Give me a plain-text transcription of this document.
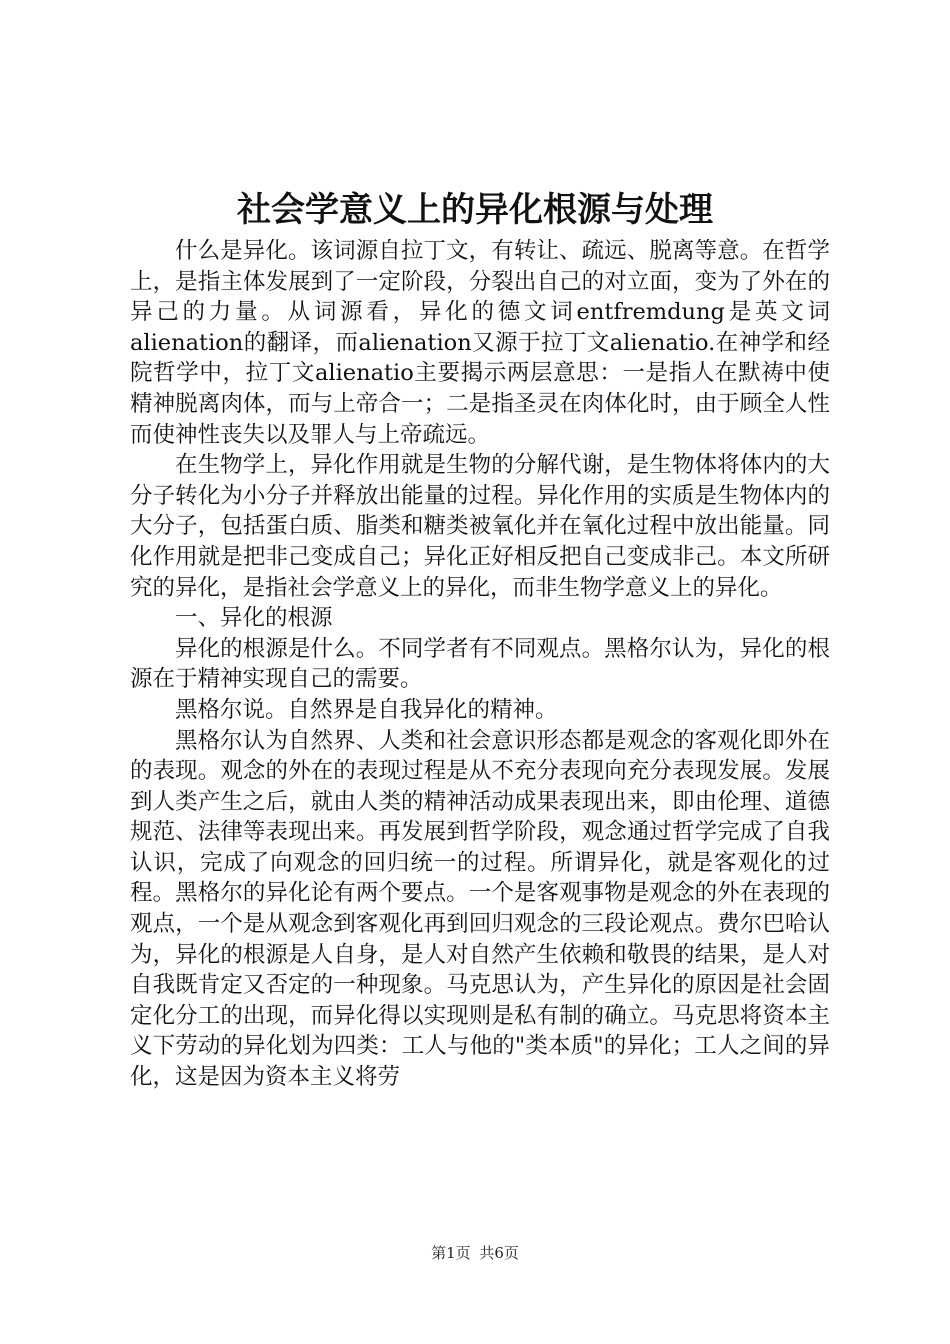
社会学意义上的异化根源与处理

什么是异化。该词源自拉丁文，有转让、疏远、脱离等意。在哲学上，是指主体发展到了一定阶段，分裂出自己的对立面，变为了外在的异己的力量。从词源看，异化的德文词entfremdung是英文词alienation的翻译，而alienation又源于拉丁文alienatio.在神学和经院哲学中，拉丁文alienatio主要揭示两层意思：一是指人在默祷中使精神脱离肉体，而与上帝合一；二是指圣灵在肉体化时，由于顾全人性而使神性丧失以及罪人与上帝疏远。

在生物学上，异化作用就是生物的分解代谢，是生物体将体内的大分子转化为小分子并释放出能量的过程。异化作用的实质是生物体内的大分子，包括蛋白质、脂类和糖类被氧化并在氧化过程中放出能量。同化作用就是把非己变成自己；异化正好相反把自己变成非己。本文所研究的异化，是指社会学意义上的异化，而非生物学意义上的异化。

一、异化的根源

异化的根源是什么。不同学者有不同观点。黑格尔认为，异化的根源在于精神实现自己的需要。

黑格尔说。自然界是自我异化的精神。

黑格尔认为自然界、人类和社会意识形态都是观念的客观化即外在的表现。观念的外在的表现过程是从不充分表现向充分表现发展。发展到人类产生之后，就由人类的精神活动成果表现出来，即由伦理、道德规范、法律等表现出来。再发展到哲学阶段，观念通过哲学完成了自我认识，完成了向观念的回归统一的过程。所谓异化，就是客观化的过程。黑格尔的异化论有两个要点。一个是客观事物是观念的外在表现的观点，一个是从观念到客观化再到回归观念的三段论观点。费尔巴哈认为，异化的根源是人自身，是人对自然产生依赖和敬畏的结果，是人对自我既肯定又否定的一种现象。马克思认为，产生异化的原因是社会固定化分工的出现，而异化得以实现则是私有制的确立。马克思将资本主义下劳动的异化划为四类：工人与他的"类本质"的异化；工人之间的异化，这是因为资本主义将劳

第1页 共6页
